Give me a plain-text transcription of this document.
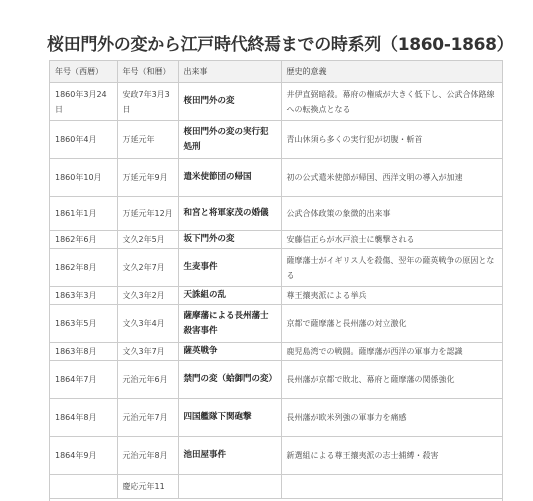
桜田門外の変から江戸時代終焉までの時系列（1860-1868）
年号（西暦）	年号（和暦）	出来事	歴史的意義
1860年3月24日	安政7年3月3日	桜田門外の変	井伊直弼暗殺。幕府の権威が大きく低下し、公武合体路線への転換点となる
1860年4月	万延元年	桜田門外の変の実行犯処刑	青山休須ら多くの実行犯が切腹・斬首
1860年10月	万延元年9月	遣米使節団の帰国	初の公式遣米使節が帰国、西洋文明の導入が加速
1861年1月	万延元年12月	和宮と将軍家茂の婚儀	公武合体政策の象徴的出来事
1862年6月	文久2年5月	坂下門外の変	安藤信正らが水戸浪士に襲撃される
1862年8月	文久2年7月	生麦事件	薩摩藩士がイギリス人を殺傷、翌年の薩英戦争の原因となる
1863年3月	文久3年2月	天誅組の乱	尊王攘夷派による挙兵
1863年5月	文久3年4月	薩摩藩による長州藩士殺害事件	京都で薩摩藩と長州藩の対立激化
1863年8月	文久3年7月	薩英戦争	鹿児島湾での戦闘。薩摩藩が西洋の軍事力を認識
1864年7月	元治元年6月	禁門の変（蛤御門の変）	長州藩が京都で敗北、幕府と薩摩藩の関係強化
1864年8月	元治元年7月	四国艦隊下関砲撃	長州藩が欧米列強の軍事力を痛感
1864年9月	元治元年8月	池田屋事件	新選組による尊王攘夷派の志士捕縛・殺害
	慶応元年11		
